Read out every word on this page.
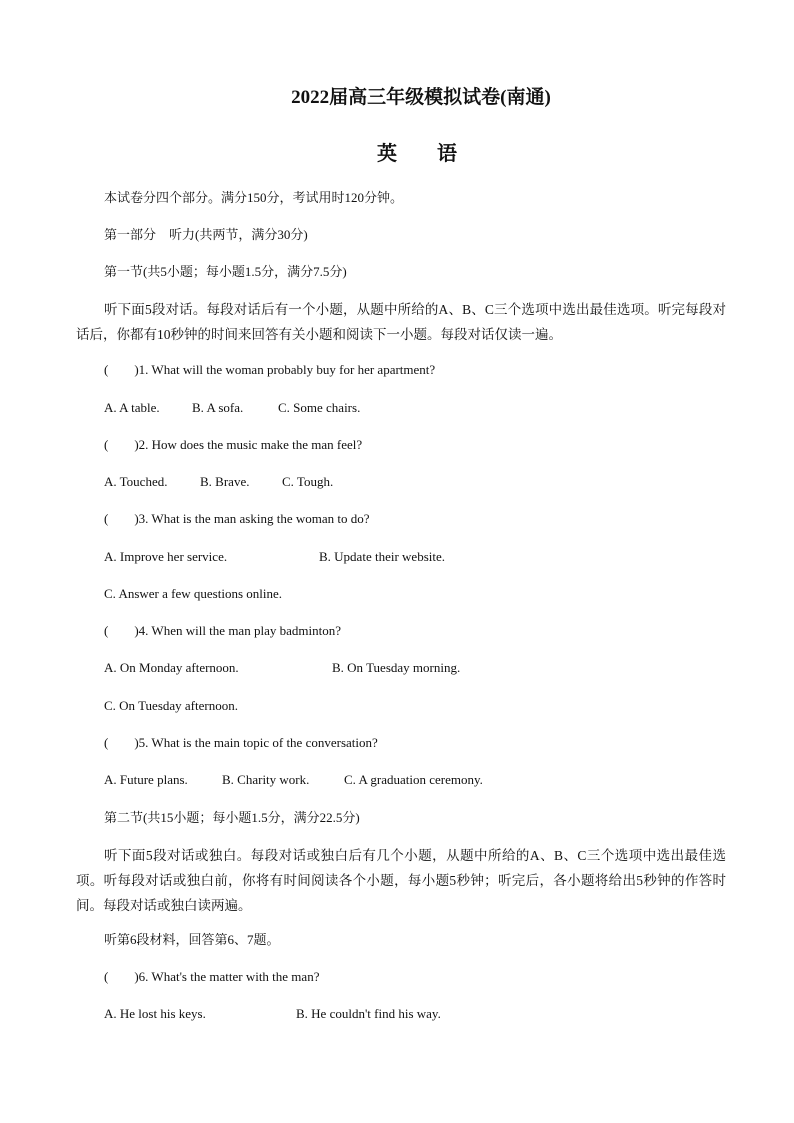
2022届高三年级模拟试卷(南通)
英语
本试卷分四个部分。满分150分，考试用时120分钟。
第一部分　听力(共两节，满分30分)
第一节(共5小题；每小题1.5分，满分7.5分)
听下面5段对话。每段对话后有一个小题，从题中所给的A、B、C三个选项中选出最佳选项。听完每段对话后，你都有10秒钟的时间来回答有关小题和阅读下一小题。每段对话仅读一遍。
(　　)1. What will the woman probably buy for her apartment?
A. A table. B. A sofa.	C. Some chairs.
(　　)2. How does the music make the man feel?
A. Touched.	B. Brave.	C. Tough.
(　　)3. What is the man asking the woman to do?
A. Improve her service.	B. Update their website.
C. Answer a few questions online.
(　　)4. When will the man play badminton?
A. On Monday afternoon.	B. On Tuesday morning.
C. On Tuesday afternoon.
(　　)5. What is the main topic of the conversation?
A. Future plans.	B. Charity work.	C. A graduation ceremony.
第二节(共15小题；每小题1.5分，满分22.5分)
听下面5段对话或独白。每段对话或独白后有几个小题，从题中所给的A、B、C三个选项中选出最佳选项。听每段对话或独白前，你将有时间阅读各个小题，每小题5秒钟；听完后，各小题将给出5秒钟的作答时间。每段对话或独白读两遍。
听第6段材料，回答第6、7题。
(　　)6. What's the matter with the man?
A. He lost his keys.	B. He couldn't find his way.
